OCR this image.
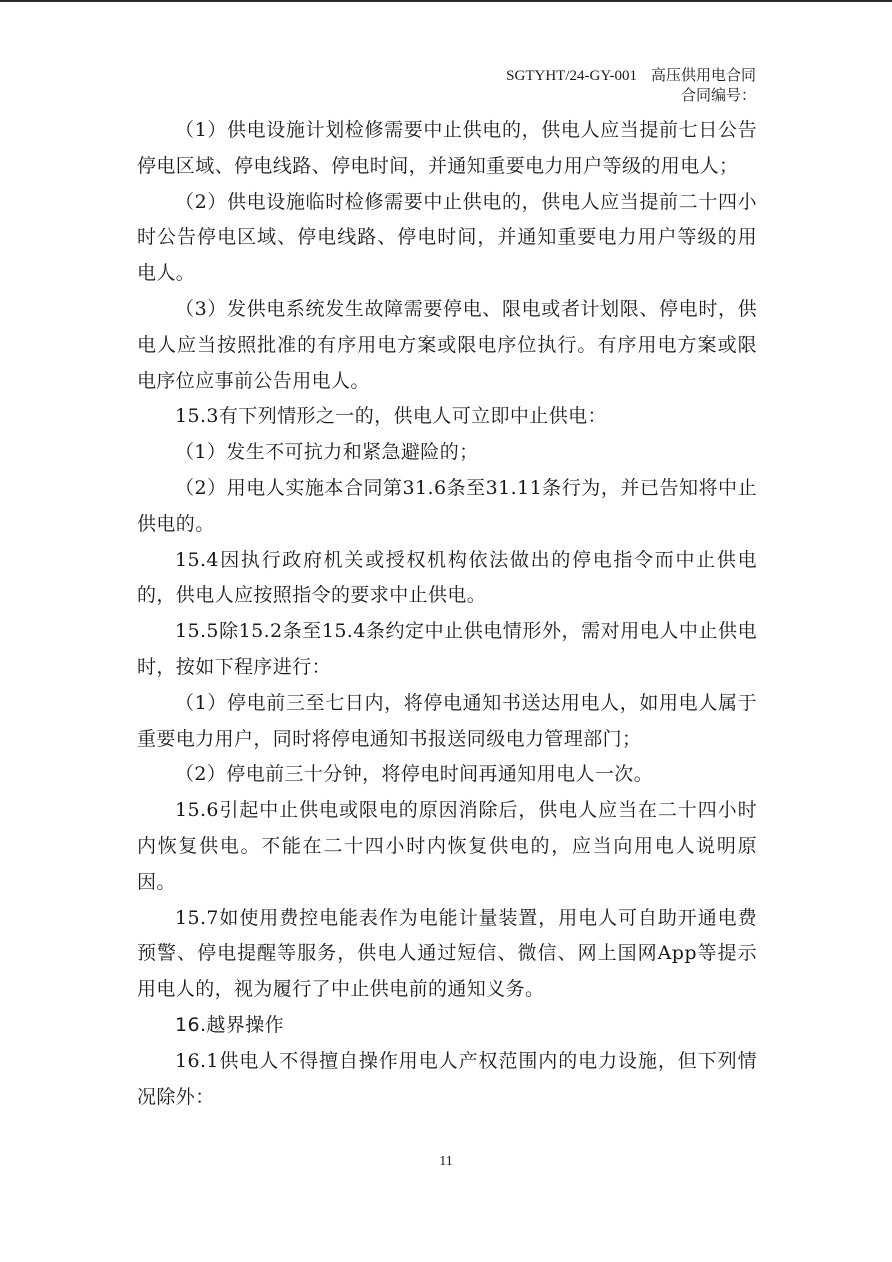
SGTYHT/24-GY-001 高压供用电合同
合同编号：

（1）供电设施计划检修需要中止供电的，供电人应当提前七日公告停电区域、停电线路、停电时间，并通知重要电力用户等级的用电人；

（2）供电设施临时检修需要中止供电的，供电人应当提前二十四小时公告停电区域、停电线路、停电时间，并通知重要电力用户等级的用电人。

（3）发供电系统发生故障需要停电、限电或者计划限、停电时，供电人应当按照批准的有序用电方案或限电序位执行。有序用电方案或限电序位应事前公告用电人。

15.3有下列情形之一的，供电人可立即中止供电：

（1）发生不可抗力和紧急避险的；

（2）用电人实施本合同第31.6条至31.11条行为，并已告知将中止供电的。

15.4因执行政府机关或授权机构依法做出的停电指令而中止供电的，供电人应按照指令的要求中止供电。

15.5除15.2条至15.4条约定中止供电情形外，需对用电人中止供电时，按如下程序进行：

（1）停电前三至七日内，将停电通知书送达用电人，如用电人属于重要电力用户，同时将停电通知书报送同级电力管理部门；

（2）停电前三十分钟，将停电时间再通知用电人一次。

15.6引起中止供电或限电的原因消除后，供电人应当在二十四小时内恢复供电。不能在二十四小时内恢复供电的，应当向用电人说明原因。

15.7如使用费控电能表作为电能计量装置，用电人可自助开通电费预警、停电提醒等服务，供电人通过短信、微信、网上国网App等提示用电人的，视为履行了中止供电前的通知义务。

16.越界操作

16.1供电人不得擅自操作用电人产权范围内的电力设施，但下列情况除外：

11
